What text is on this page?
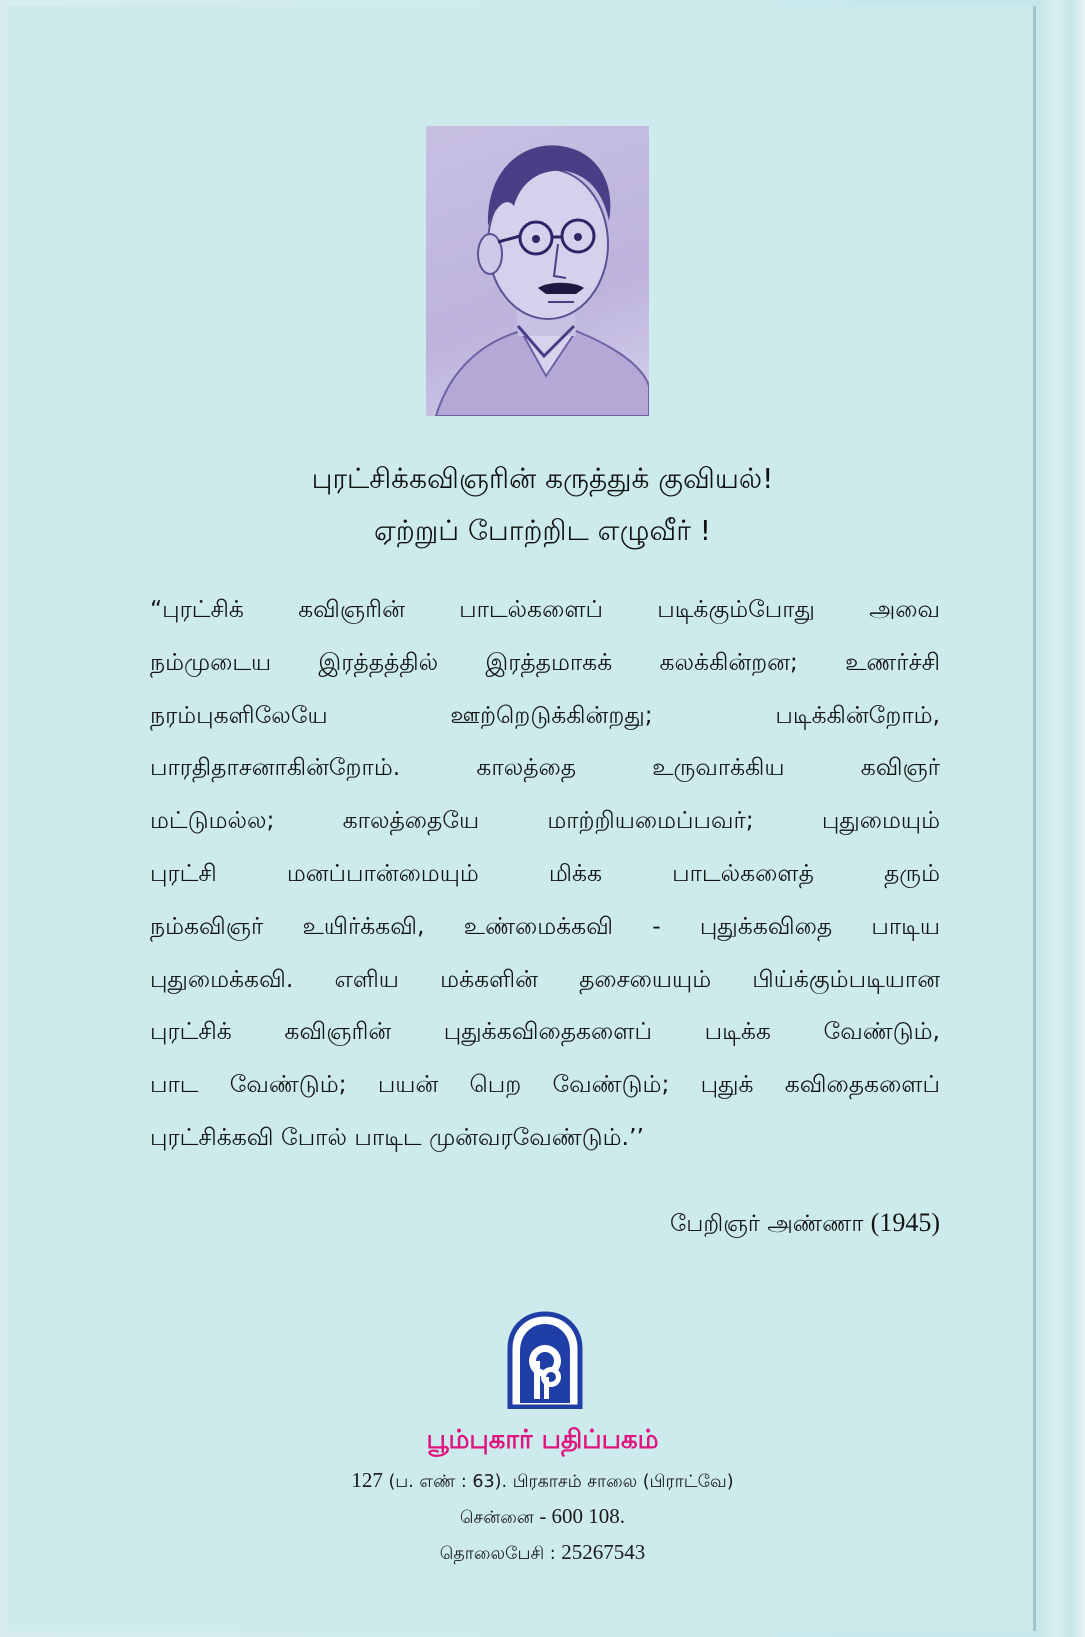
புரட்சிக்கவிஞரின் கருத்துக் குவியல்!
ஏற்றுப் போற்றிட எழுவீர் !
“புரட்சிக் கவிஞரின் பாடல்களைப் படிக்கும்போது அவை
நம்முடைய இரத்தத்தில் இரத்தமாகக் கலக்கின்றன; உணர்ச்சி
நரம்புகளிலேயே ஊற்றெடுக்கின்றது; படிக்கின்றோம்,
பாரதிதாசனாகின்றோம். காலத்தை உருவாக்கிய கவிஞர்
மட்டுமல்ல; காலத்தையே மாற்றியமைப்பவர்; புதுமையும்
புரட்சி மனப்பான்மையும் மிக்க பாடல்களைத் தரும்
நம்கவிஞர் உயிர்க்கவி, உண்மைக்கவி - புதுக்கவிதை பாடிய
புதுமைக்கவி. எளிய மக்களின் தசையையும் பிய்க்கும்படியான
புரட்சிக் கவிஞரின் புதுக்கவிதைகளைப் படிக்க வேண்டும்,
பாட வேண்டும்; பயன் பெற வேண்டும்; புதுக் கவிதைகளைப்
புரட்சிக்கவி போல் பாடிட முன்வரவேண்டும்.’’
பேறிஞர் அண்ணா (1945)
பூம்புகார் பதிப்பகம்
127 (ப. எண் : 63). பிரகாசம் சாலை (பிராட்வே)
சென்னை - 600 108.
தொலைபேசி : 25267543
